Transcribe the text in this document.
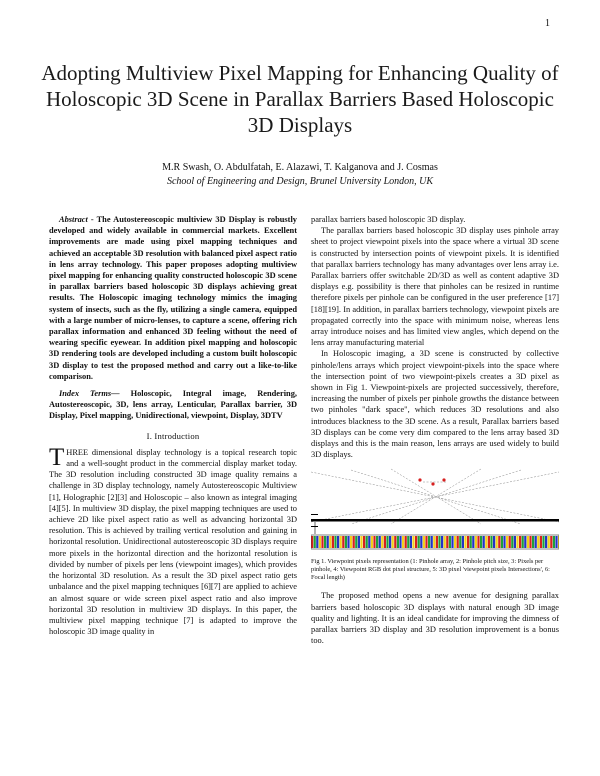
1
Adopting Multiview Pixel Mapping for Enhancing Quality of Holoscopic 3D Scene in Parallax Barriers Based Holoscopic 3D Displays
M.R Swash, O. Abdulfatah, E. Alazawi, T. Kalganova and J. Cosmas
School of Engineering and Design, Brunel University London, UK

Abstract - The Autostereoscopic multiview 3D Display is robustly developed and widely available in commercial markets. Excellent improvements are made using pixel mapping techniques and achieved an acceptable 3D resolution with balanced pixel aspect ratio in lens array technology. This paper proposes adopting multiview pixel mapping for enhancing quality constructed holoscopic 3D scene in parallax barriers based holoscopic 3D displays achieving great results. The Holoscopic imaging technology mimics the imaging system of insects, such as the fly, utilizing a single camera, equipped with a large number of micro-lenses, to capture a scene, offering rich parallax information and enhanced 3D feeling without the need of wearing specific eyewear. In addition pixel mapping and holoscopic 3D rendering tools are developed including a custom built holoscopic 3D display to test the proposed method and carry out a like-to-like comparison.

Index Terms— Holoscopic, Integral image, Rendering, Autostereoscopic, 3D, lens array, Lenticular, Parallax barrier, 3D Display, Pixel mapping, Unidirectional, viewpoint, Display, 3DTV

I. Introduction

THREE dimensional display technology is a topical research topic and a well-sought product in the commercial display market today. The 3D resolution including constructed 3D image quality remains a challenge in 3D display technology, namely Autostereoscopic Multiview [1], Holographic [2][3] and Holoscopic – also known as integral imaging [4][5]. In multiview 3D display, the pixel mapping techniques are used to achieve 2D like pixel aspect ratio as well as advancing horizontal 3D resolution. This is achieved by trailing vertical resolution and gaining in horizontal resolution. Unidirectional autostereoscopic 3D displays require more pixels in the horizontal direction and the horizontal resolution is divided by number of pixels per lens (viewpoint images), which provides the horizontal 3D resolution. As a result the 3D pixel aspect ratio gets unbalance and the pixel mapping techniques [6][7] are applied to achieve an almost square or wide screen pixel aspect ratio and also improve horizontal 3D resolution in multiview 3D displays. In this paper, the multiview pixel mapping technique [7] is adapted to improve the holoscopic 3D image quality in

parallax barriers based holoscopic 3D display.

The parallax barriers based holoscopic 3D display uses pinhole array sheet to project viewpoint pixels into the space where a virtual 3D scene is constructed by intersection points of viewpoint pixels. It is identified that parallax barriers technology has many advantages over lens array i.e. Parallax barriers offer switchable 2D/3D as well as content adaptive 3D displays e.g. possibility is there that pinholes can be resized in runtime therefore pixels per pinhole can be configured in the user preference [17][18][19]. In addition, in parallax barriers technology, viewpoint pixels are propagated correctly into the space with minimum noise, whereas lens array introduce noises and has limited view angles, which depend on the lens array manufacturing material

In Holoscopic imaging, a 3D scene is constructed by collective pinhole/lens arrays which project viewpoint-pixels into the space where the intersection point of two viewpoint-pixels creates a 3D pixel as shown in Fig 1. Viewpoint-pixels are projected successively, therefore, increasing the number of pixels per pinhole growths the distance between two pinholes "dark space", which reduces 3D resolutions and also introduces blackness to the 3D scene. As a result, Parallax barriers based 3D displays can be come very dim compared to the lens array based 3D displays and this is the main reason, lens arrays are used widely to build 3D displays.

Fig 1. Viewpoint pixels representation (1: Pinhole array, 2: Pinhole pitch size, 3: Pixels per pinhole, 4: Viewpoint RGB dot pixel structure, 5: 3D pixel 'viewpoint pixels Intersections', 6: Focal length)

The proposed method opens a new avenue for designing parallax barriers based holoscopic 3D displays with natural enough 3D image quality and lighting. It is an ideal candidate for improving the dimness of parallax barriers 3D display and 3D resolution improvement is a bonus too.
